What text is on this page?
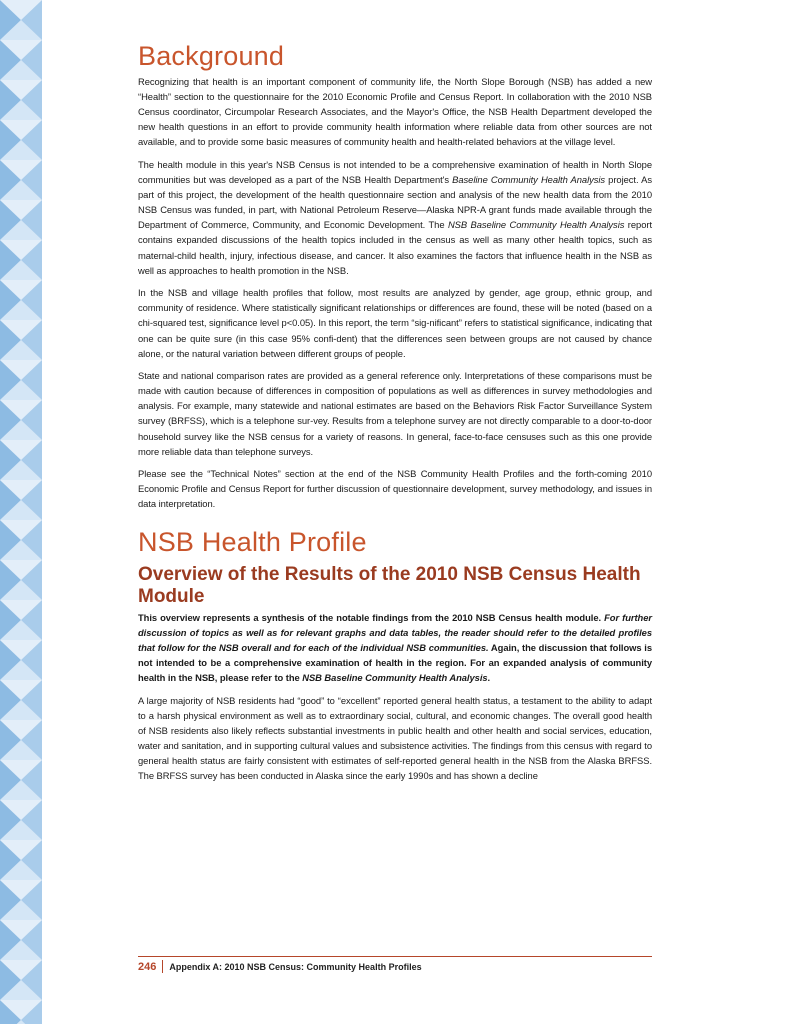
Background

Recognizing that health is an important component of community life, the North Slope Borough (NSB) has added a new “Health” section to the questionnaire for the 2010 Economic Profile and Census Report. In collaboration with the 2010 NSB Census coordinator, Circumpolar Research Associates, and the Mayor's Office, the NSB Health Department developed the new health questions in an effort to provide community health information where reliable data from other sources are not available, and to provide some basic measures of community health and health-related behaviors at the village level.

The health module in this year's NSB Census is not intended to be a comprehensive examination of health in North Slope communities but was developed as a part of the NSB Health Department's Baseline Community Health Analysis project. As part of this project, the development of the health questionnaire section and analysis of the new health data from the 2010 NSB Census was funded, in part, with National Petroleum Reserve—Alaska NPR-A grant funds made available through the Department of Commerce, Community, and Economic Development. The NSB Baseline Community Health Analysis report contains expanded discussions of the health topics included in the census as well as many other health topics, such as maternal-child health, injury, infectious disease, and cancer. It also examines the factors that influence health in the NSB as well as approaches to health promotion in the NSB.

In the NSB and village health profiles that follow, most results are analyzed by gender, age group, ethnic group, and community of residence. Where statistically significant relationships or differences are found, these will be noted (based on a chi-squared test, significance level p<0.05). In this report, the term “sig-nificant” refers to statistical significance, indicating that one can be quite sure (in this case 95% confi-dent) that the differences seen between groups are not caused by chance alone, or the natural variation between different groups of people.

State and national comparison rates are provided as a general reference only. Interpretations of these comparisons must be made with caution because of differences in composition of populations as well as differences in survey methodologies and analysis. For example, many statewide and national estimates are based on the Behaviors Risk Factor Surveillance System survey (BRFSS), which is a telephone sur-vey. Results from a telephone survey are not directly comparable to a door-to-door household survey like the NSB census for a variety of reasons. In general, face-to-face censuses such as this one provide more reliable data than telephone surveys.

Please see the “Technical Notes” section at the end of the NSB Community Health Profiles and the forth-coming 2010 Economic Profile and Census Report for further discussion of questionnaire development, survey methodology, and issues in data interpretation.

NSB Health Profile
Overview of the Results of the 2010 NSB Census Health Module

This overview represents a synthesis of the notable findings from the 2010 NSB Census health module. For further discussion of topics as well as for relevant graphs and data tables, the reader should refer to the detailed profiles that follow for the NSB overall and for each of the individual NSB communities. Again, the discussion that follows is not intended to be a comprehensive examination of health in the region. For an expanded analysis of community health in the NSB, please refer to the NSB Baseline Community Health Analysis.

A large majority of NSB residents had “good” to “excellent” reported general health status, a testament to the ability to adapt to a harsh physical environment as well as to extraordinary social, cultural, and economic changes. The overall good health of NSB residents also likely reflects substantial investments in public health and other health and social services, education, water and sanitation, and in supporting cultural values and subsistence activities. The findings from this census with regard to general health status are fairly consistent with estimates of self-reported general health in the NSB from the Alaska BRFSS. The BRFSS survey has been conducted in Alaska since the early 1990s and has shown a decline

246 Appendix A: 2010 NSB Census: Community Health Profiles
